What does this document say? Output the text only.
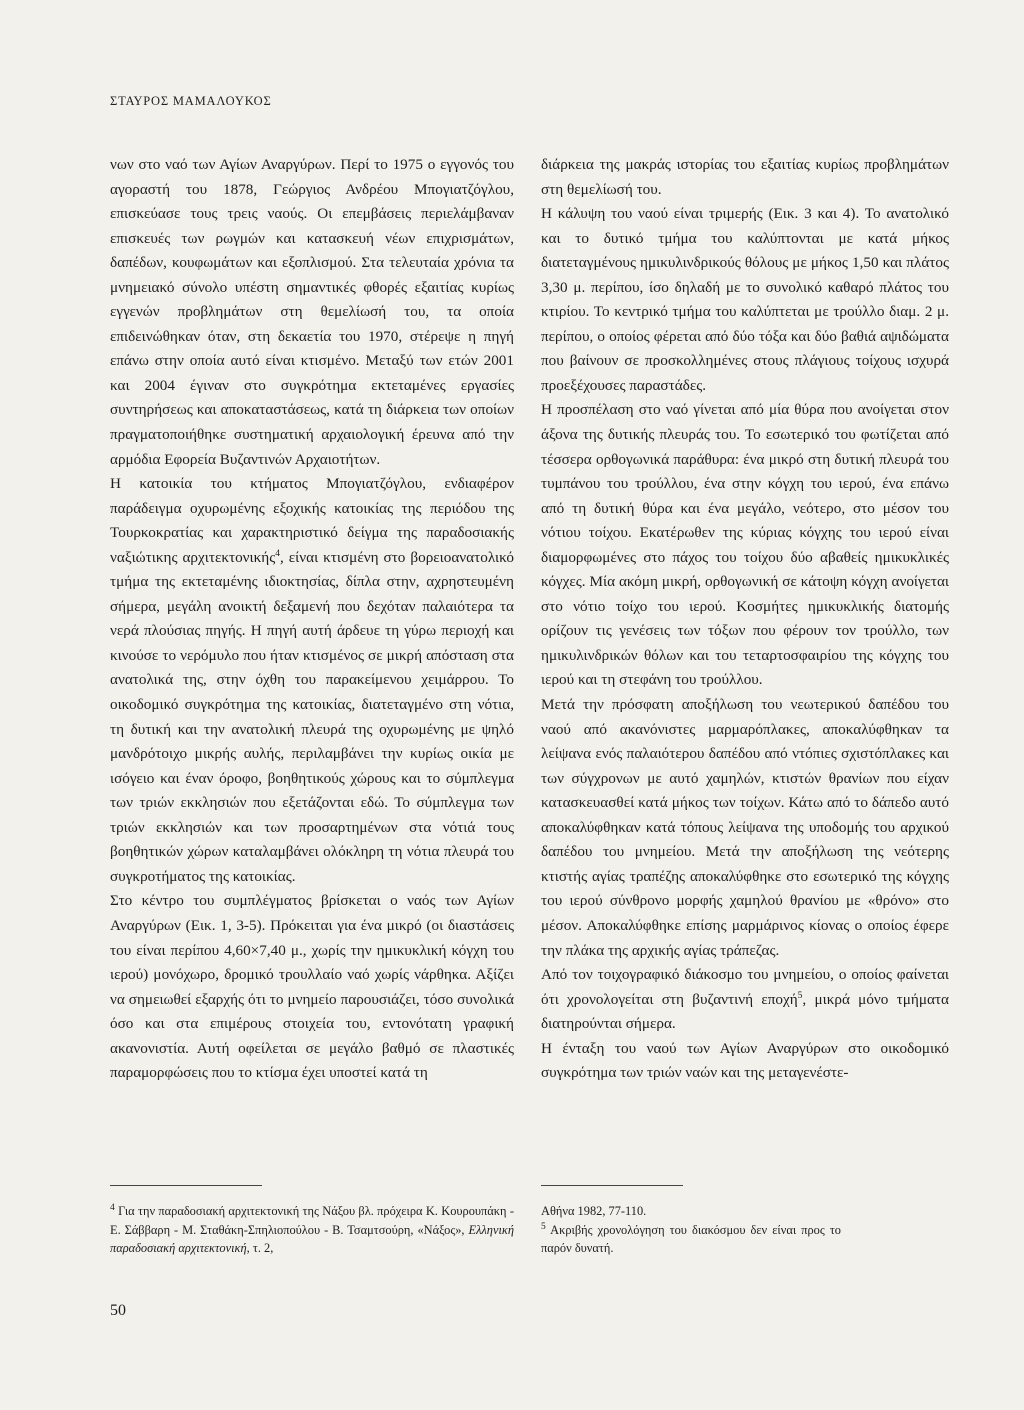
ΣΤΑΥΡΟΣ ΜΑΜΑΛΟΥΚΟΣ

νων στο ναό των Αγίων Αναργύρων. Περί το 1975 ο εγγονός του αγοραστή του 1878, Γεώργιος Ανδρέου Μπογιατζόγλου, επισκεύασε τους τρεις ναούς. Οι επεμβάσεις περιελάμβαναν επισκευές των ρωγμών και κατασκευή νέων επιχρισμάτων, δαπέδων, κουφωμάτων και εξοπλισμού. Στα τελευταία χρόνια τα μνημειακό σύνολο υπέστη σημαντικές φθορές εξαιτίας κυρίως εγγενών προβλημάτων στη θεμελίωσή του, τα οποία επιδεινώθηκαν όταν, στη δεκαετία του 1970, στέρεψε η πηγή επάνω στην οποία αυτό είναι κτισμένο. Μεταξύ των ετών 2001 και 2004 έγιναν στο συγκρότημα εκτεταμένες εργασίες συντηρήσεως και αποκαταστάσεως, κατά τη διάρκεια των οποίων πραγματοποιήθηκε συστηματική αρχαιολογική έρευνα από την αρμόδια Εφορεία Βυζαντινών Αρχαιοτήτων.

Η κατοικία του κτήματος Μπογιατζόγλου, ενδιαφέρον παράδειγμα οχυρωμένης εξοχικής κατοικίας της περιόδου της Τουρκοκρατίας και χαρακτηριστικό δείγμα της παραδοσιακής ναξιώτικης αρχιτεκτονικής$^4$, είναι κτισμένη στο βορειοανατολικό τμήμα της εκτεταμένης ιδιοκτησίας, δίπλα στην, αχρηστευμένη σήμερα, μεγάλη ανοικτή δεξαμενή που δεχόταν παλαιότερα τα νερά πλούσιας πηγής. Η πηγή αυτή άρδευε τη γύρω περιοχή και κινούσε το νερόμυλο που ήταν κτισμένος σε μικρή απόσταση στα ανατολικά της, στην όχθη του παρακείμενου χειμάρρου. Το οικοδομικό συγκρότημα της κατοικίας, διατεταγμένο στη νότια, τη δυτική και την ανατολική πλευρά της οχυρωμένης με ψηλό μανδρότοιχο μικρής αυλής, περιλαμβάνει την κυρίως οικία με ισόγειο και έναν όροφο, βοηθητικούς χώρους και το σύμπλεγμα των τριών εκκλησιών που εξετάζονται εδώ. Το σύμπλεγμα των τριών εκκλησιών και των προσαρτημένων στα νότιά τους βοηθητικών χώρων καταλαμβάνει ολόκληρη τη νότια πλευρά του συγκροτήματος της κατοικίας.

Στο κέντρο του συμπλέγματος βρίσκεται ο ναός των Αγίων Αναργύρων (Εικ. 1, 3-5). Πρόκειται για ένα μικρό (οι διαστάσεις του είναι περίπου 4,60×7,40 μ., χωρίς την ημικυκλική κόγχη του ιερού) μονόχωρο, δρομικό τρουλλαίο ναό χωρίς νάρθηκα. Αξίζει να σημειωθεί εξαρχής ότι το μνημείο παρουσιάζει, τόσο συνολικά όσο και στα επιμέρους στοιχεία του, εντονότατη γραφική ακανονιστία. Αυτή οφείλεται σε μεγάλο βαθμό σε πλαστικές παραμορφώσεις που το κτίσμα έχει υποστεί κατά τη

διάρκεια της μακράς ιστορίας του εξαιτίας κυρίως προβλημάτων στη θεμελίωσή του.

Η κάλυψη του ναού είναι τριμερής (Εικ. 3 και 4). Το ανατολικό και το δυτικό τμήμα του καλύπτονται με κατά μήκος διατεταγμένους ημικυλινδρικούς θόλους με μήκος 1,50 και πλάτος 3,30 μ. περίπου, ίσο δηλαδή με το συνολικό καθαρό πλάτος του κτιρίου. Το κεντρικό τμήμα του καλύπτεται με τρούλλο διαμ. 2 μ. περίπου, ο οποίος φέρεται από δύο τόξα και δύο βαθιά αψιδώματα που βαίνουν σε προσκολλημένες στους πλάγιους τοίχους ισχυρά προεξέχουσες παραστάδες.

Η προσπέλαση στο ναό γίνεται από μία θύρα που ανοίγεται στον άξονα της δυτικής πλευράς του. Το εσωτερικό του φωτίζεται από τέσσερα ορθογωνικά παράθυρα: ένα μικρό στη δυτική πλευρά του τυμπάνου του τρούλλου, ένα στην κόγχη του ιερού, ένα επάνω από τη δυτική θύρα και ένα μεγάλο, νεότερο, στο μέσον του νότιου τοίχου. Εκατέρωθεν της κύριας κόγχης του ιερού είναι διαμορφωμένες στο πάχος του τοίχου δύο αβαθείς ημικυκλικές κόγχες. Μία ακόμη μικρή, ορθογωνική σε κάτοψη κόγχη ανοίγεται στο νότιο τοίχο του ιερού. Κοσμήτες ημικυκλικής διατομής ορίζουν τις γενέσεις των τόξων που φέρουν τον τρούλλο, των ημικυλινδρικών θόλων και του τεταρτοσφαιρίου της κόγχης του ιερού και τη στεφάνη του τρούλλου.

Μετά την πρόσφατη αποξήλωση του νεωτερικού δαπέδου του ναού από ακανόνιστες μαρμαρόπλακες, αποκαλύφθηκαν τα λείψανα ενός παλαιότερου δαπέδου από ντόπιες σχιστόπλακες και των σύγχρονων με αυτό χαμηλών, κτιστών θρανίων που είχαν κατασκευασθεί κατά μήκος των τοίχων. Κάτω από το δάπεδο αυτό αποκαλύφθηκαν κατά τόπους λείψανα της υποδομής του αρχικού δαπέδου του μνημείου. Μετά την αποξήλωση της νεότερης κτιστής αγίας τραπέζης αποκαλύφθηκε στο εσωτερικό της κόγχης του ιερού σύνθρονο μορφής χαμηλού θρανίου με «θρόνο» στο μέσον. Αποκαλύφθηκε επίσης μαρμάρινος κίονας ο οποίος έφερε την πλάκα της αρχικής αγίας τράπεζας.

Από τον τοιχογραφικό διάκοσμο του μνημείου, ο οποίος φαίνεται ότι χρονολογείται στη βυζαντινή εποχή$^5$, μικρά μόνο τμήματα διατηρούνται σήμερα.

Η ένταξη του ναού των Αγίων Αναργύρων στο οικοδομικό συγκρότημα των τριών ναών και της μεταγενέστε-

$^4$ Για την παραδοσιακή αρχιτεκτονική της Νάξου βλ. πρόχειρα Κ. Κουρουπάκη - Ε. Σάββαρη - Μ. Σταθάκη-Σπηλιοπούλου - Β. Τσαμτσούρη, «Νάξος», Ελληνική παραδοσιακή αρχιτεκτονική, τ. 2,

Αθήνα 1982, 77-110.

$^5$ Ακριβής χρονολόγηση του διακόσμου δεν είναι προς το παρόν δυνατή.

50
